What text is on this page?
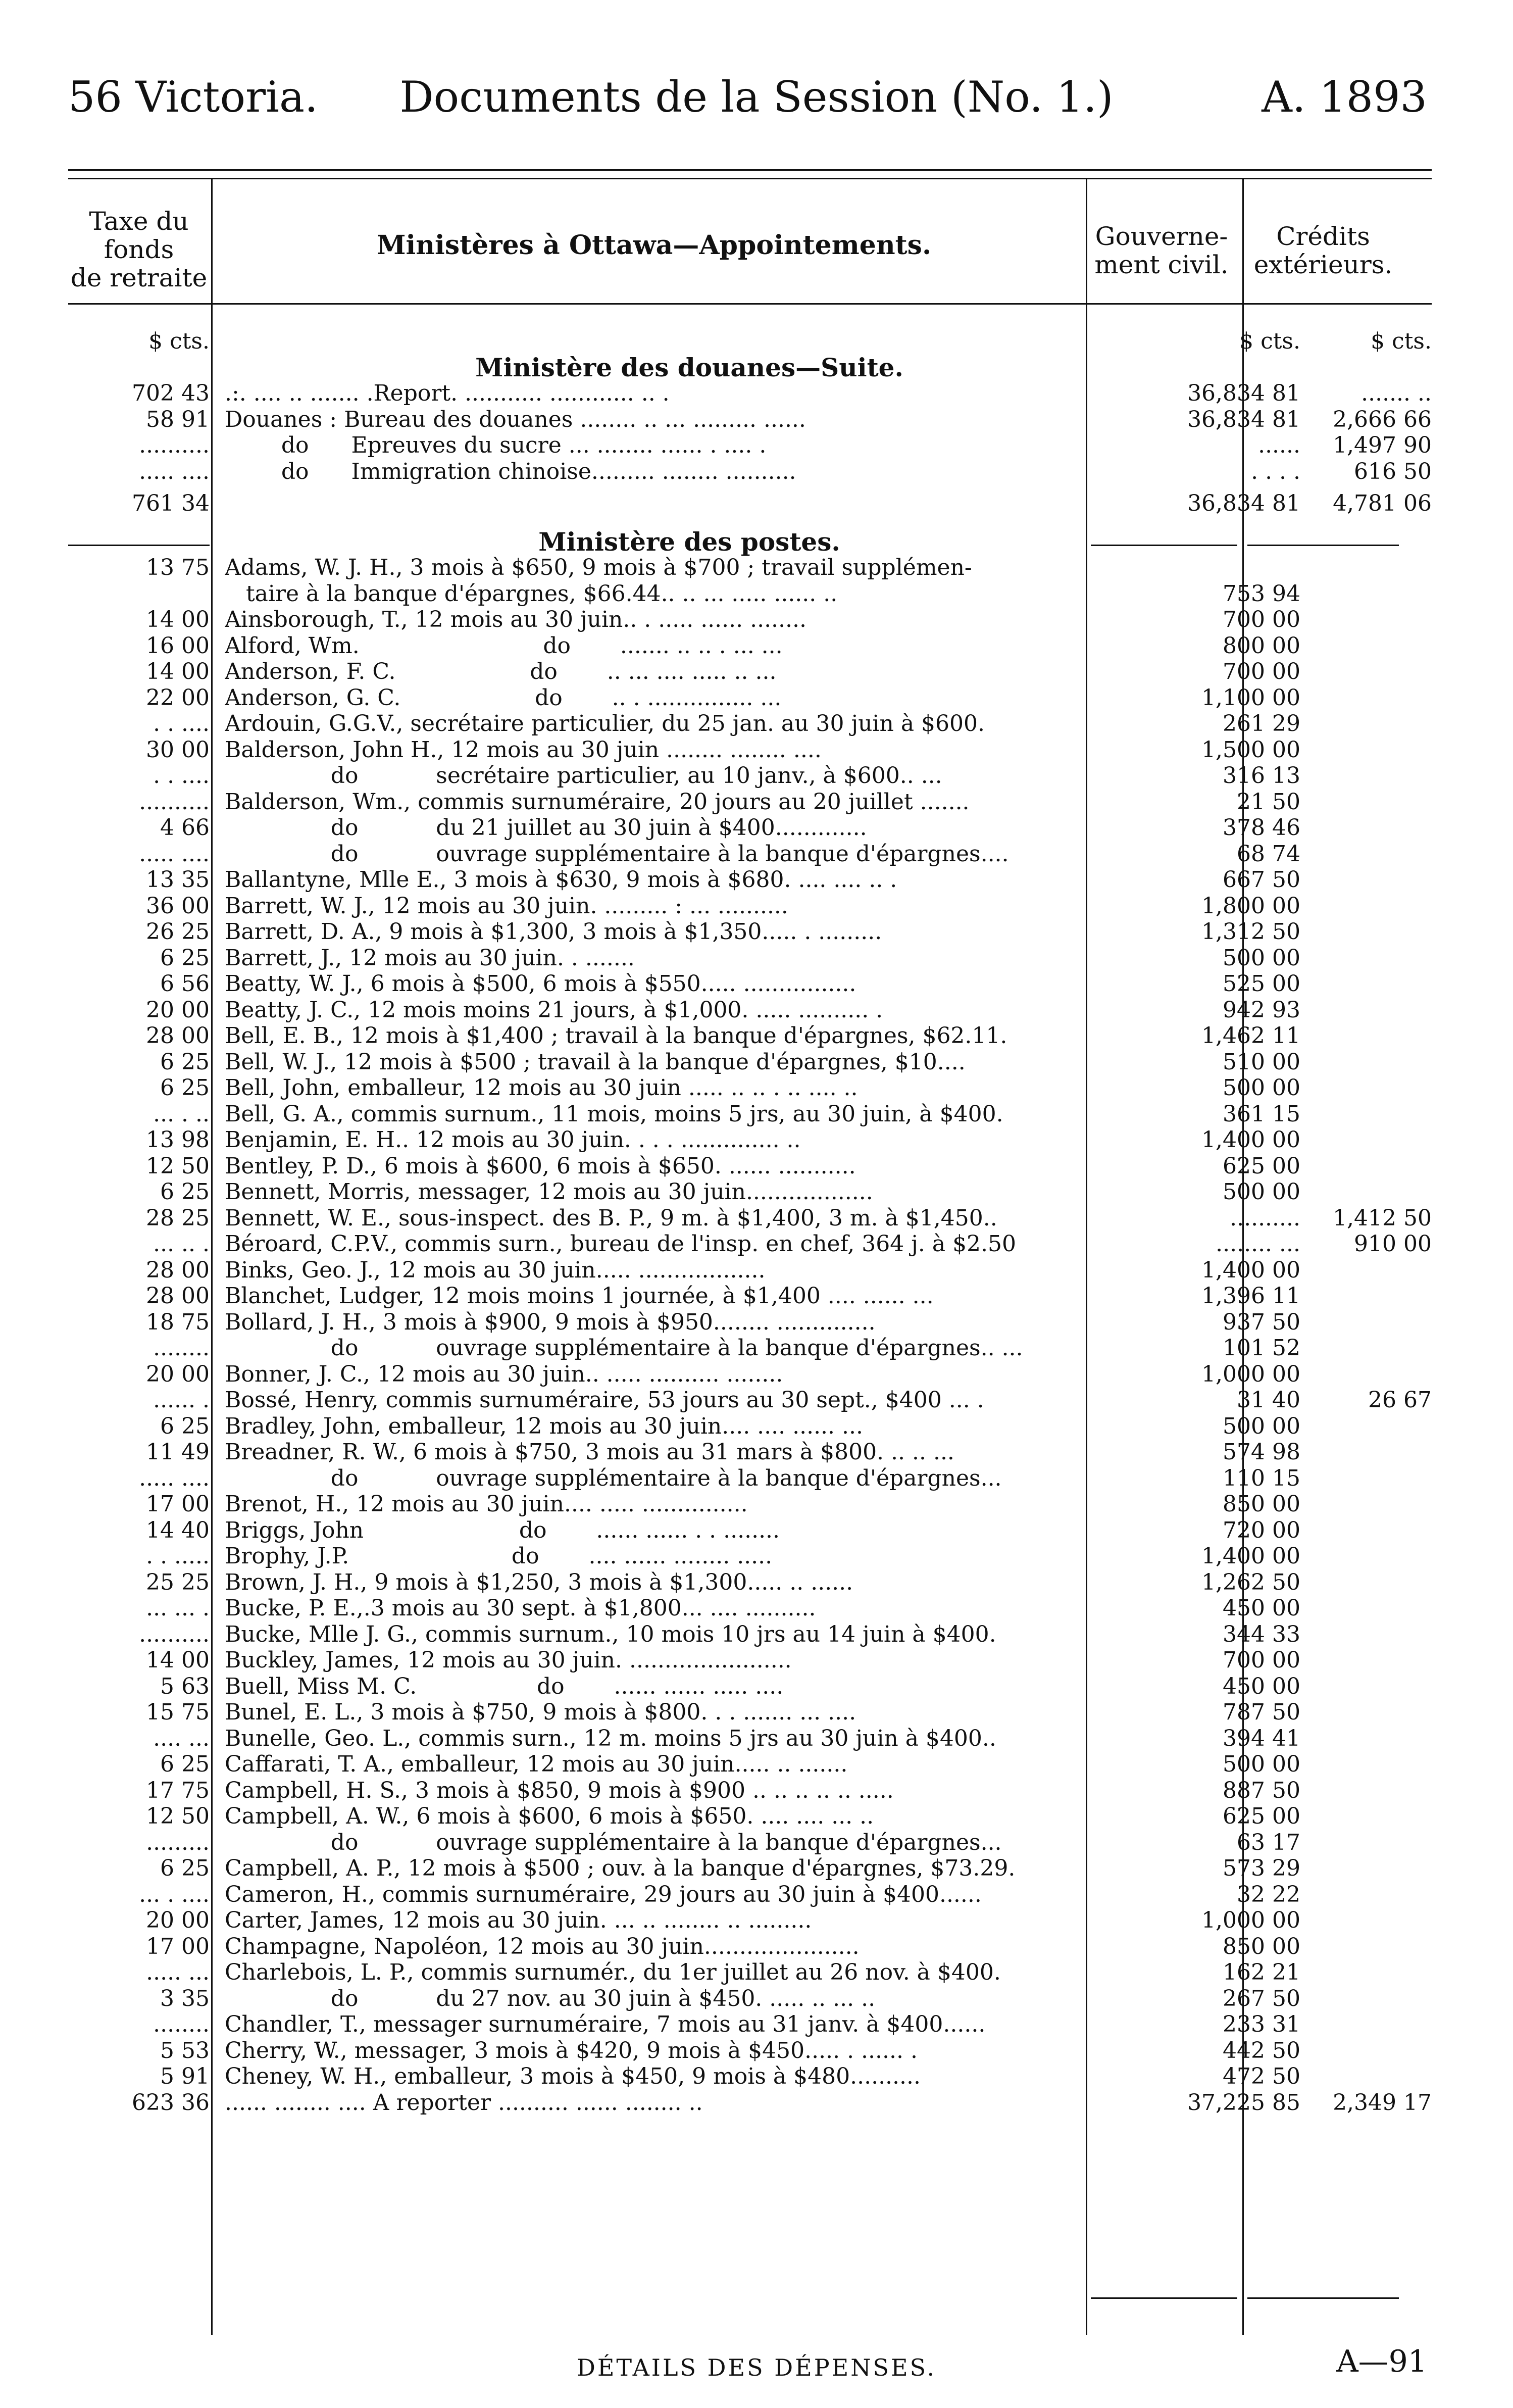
56 Victoria.	Documents de la Session (No. 1.)	A. 1893
Taxe du
fonds
de retraite
Ministères à Ottawa—Appointements.	Gouverne-
ment civil.
Crédits
extérieurs.
$ cts.	$ cts.	$ cts.
Ministère des douanes—Suite.
702 43 .:. .... .. ....... .Report. ........... ............ .. .	36,834 81	....... ..
58 91 Douanes : Bureau des douanes ........ .. ... ......... ......	36,834 81	2,666 66
.......... do      Epreuves du sucre ... ........ ...... . .... .	......	1,497 90
..... .... do      Immigration chinoise......... ........ ..........	. . . .	616 50
761 34	36,834 81	4,781 06
Ministère des postes.
13 75 Adams, W. J. H., 3 mois à $650, 9 mois à $700 ; travail supplémen-
taire à la banque d'épargnes, $66.44.. .. ... ..... ...... ..	753 94
14 00 Ainsborough, T., 12 mois au 30 juin.. . ..... ...... ........	700 00
16 00 Alford, Wm.                          do       ....... .. .. . ... ...	800 00
14 00 Anderson, F. C.                   do       .. ... .... ..... .. ...	700 00
22 00 Anderson, G. C.                   do       .. . ............... ...	1,100 00
. . .... Ardouin, G.G.V., secrétaire particulier, du 25 jan. au 30 juin à $600.	261 29
30 00 Balderson, John H., 12 mois au 30 juin ........ ........ ....	1,500 00
. . .... do           secrétaire particulier, au 10 janv., à $600.. ...	316 13
.......... Balderson, Wm., commis surnuméraire, 20 jours au 20 juillet .......	21 50
4 66 do           du 21 juillet au 30 juin à $400.............	378 46
..... .... do           ouvrage supplémentaire à la banque d'épargnes....	68 74
13 35 Ballantyne, Mlle E., 3 mois à $630, 9 mois à $680. .... .... .. .	667 50
36 00 Barrett, W. J., 12 mois au 30 juin. ......... : ... ..........	1,800 00
26 25 Barrett, D. A., 9 mois à $1,300, 3 mois à $1,350..... . .........	1,312 50
6 25 Barrett, J., 12 mois au 30 juin. . .......	500 00
6 56 Beatty, W. J., 6 mois à $500, 6 mois à $550..... ................	525 00
20 00 Beatty, J. C., 12 mois moins 21 jours, à $1,000. ..... .......... .	942 93
28 00 Bell, E. B., 12 mois à $1,400 ; travail à la banque d'épargnes, $62.11.	1,462 11
6 25 Bell, W. J., 12 mois à $500 ; travail à la banque d'épargnes, $10....	510 00
6 25 Bell, John, emballeur, 12 mois au 30 juin ..... .. .. . .. .... ..	500 00
... . .. Bell, G. A., commis surnum., 11 mois, moins 5 jrs, au 30 juin, à $400.	361 15
13 98 Benjamin, E. H.. 12 mois au 30 juin. . . . .............. ..	1,400 00
12 50 Bentley, P. D., 6 mois à $600, 6 mois à $650. ...... ...........	625 00
6 25 Bennett, Morris, messager, 12 mois au 30 juin..................	500 00
28 25 Bennett, W. E., sous-inspect. des B. P., 9 m. à $1,400, 3 m. à $1,450..	..........	1,412 50
... .. . Béroard, C.P.V., commis surn., bureau de l'insp. en chef, 364 j. à $2.50	........ ...	910 00
28 00 Binks, Geo. J., 12 mois au 30 juin..... ..................	1,400 00
28 00 Blanchet, Ludger, 12 mois moins 1 journée, à $1,400 .... ...... ...	1,396 11
18 75 Bollard, J. H., 3 mois à $900, 9 mois à $950........ ..............	937 50
........ do           ouvrage supplémentaire à la banque d'épargnes.. ...	101 52
20 00 Bonner, J. C., 12 mois au 30 juin.. ..... .......... ........	1,000 00
...... . Bossé, Henry, commis surnuméraire, 53 jours au 30 sept., $400 ... .	31 40	26 67
6 25 Bradley, John, emballeur, 12 mois au 30 juin.... .... ...... ...	500 00
11 49 Breadner, R. W., 6 mois à $750, 3 mois au 31 mars à $800. .. .. ...	574 98
..... .... do           ouvrage supplémentaire à la banque d'épargnes...	110 15
17 00 Brenot, H., 12 mois au 30 juin.... ..... ...............	850 00
14 40 Briggs, John                      do       ...... ...... . . ........	720 00
. . ..... Brophy, J.P.                       do       .... ...... ........ .....	1,400 00
25 25 Brown, J. H., 9 mois à $1,250, 3 mois à $1,300..... .. ......	1,262 50
... ... . Bucke, P. E.,.3 mois au 30 sept. à $1,800... .... ..........	450 00
.......... Bucke, Mlle J. G., commis surnum., 10 mois 10 jrs au 14 juin à $400.	344 33
14 00 Buckley, James, 12 mois au 30 juin. .......................	700 00
5 63 Buell, Miss M. C.                 do       ...... ...... ..... ....	450 00
15 75 Bunel, E. L., 3 mois à $750, 9 mois à $800. . . ....... ... ....	787 50
.... ... Bunelle, Geo. L., commis surn., 12 m. moins 5 jrs au 30 juin à $400..	394 41
6 25 Caffarati, T. A., emballeur, 12 mois au 30 juin..... .. .......	500 00
17 75 Campbell, H. S., 3 mois à $850, 9 mois à $900 .. .. .. .. .. .....	887 50
12 50 Campbell, A. W., 6 mois à $600, 6 mois à $650. .... .... ... ..	625 00
......... do           ouvrage supplémentaire à la banque d'épargnes...	63 17
6 25 Campbell, A. P., 12 mois à $500 ; ouv. à la banque d'épargnes, $73.29.	573 29
... . .... Cameron, H., commis surnuméraire, 29 jours au 30 juin à $400......	32 22
20 00 Carter, James, 12 mois au 30 juin. ... .. ........ .. .........	1,000 00
17 00 Champagne, Napoléon, 12 mois au 30 juin......................	850 00
..... ... Charlebois, L. P., commis surnumér., du 1er juillet au 26 nov. à $400.	162 21
3 35 do           du 27 nov. au 30 juin à $450. ..... .. ... ..	267 50
........ Chandler, T., messager surnuméraire, 7 mois au 31 janv. à $400......	233 31
5 53 Cherry, W., messager, 3 mois à $420, 9 mois à $450..... . ...... .	442 50
5 91 Cheney, W. H., emballeur, 3 mois à $450, 9 mois à $480..........	472 50
623 36 ...... ........ .... A reporter .......... ...... ........ ..	37,225 85	2,349 17
DÉTAILS DES DÉPENSES.	A—91
